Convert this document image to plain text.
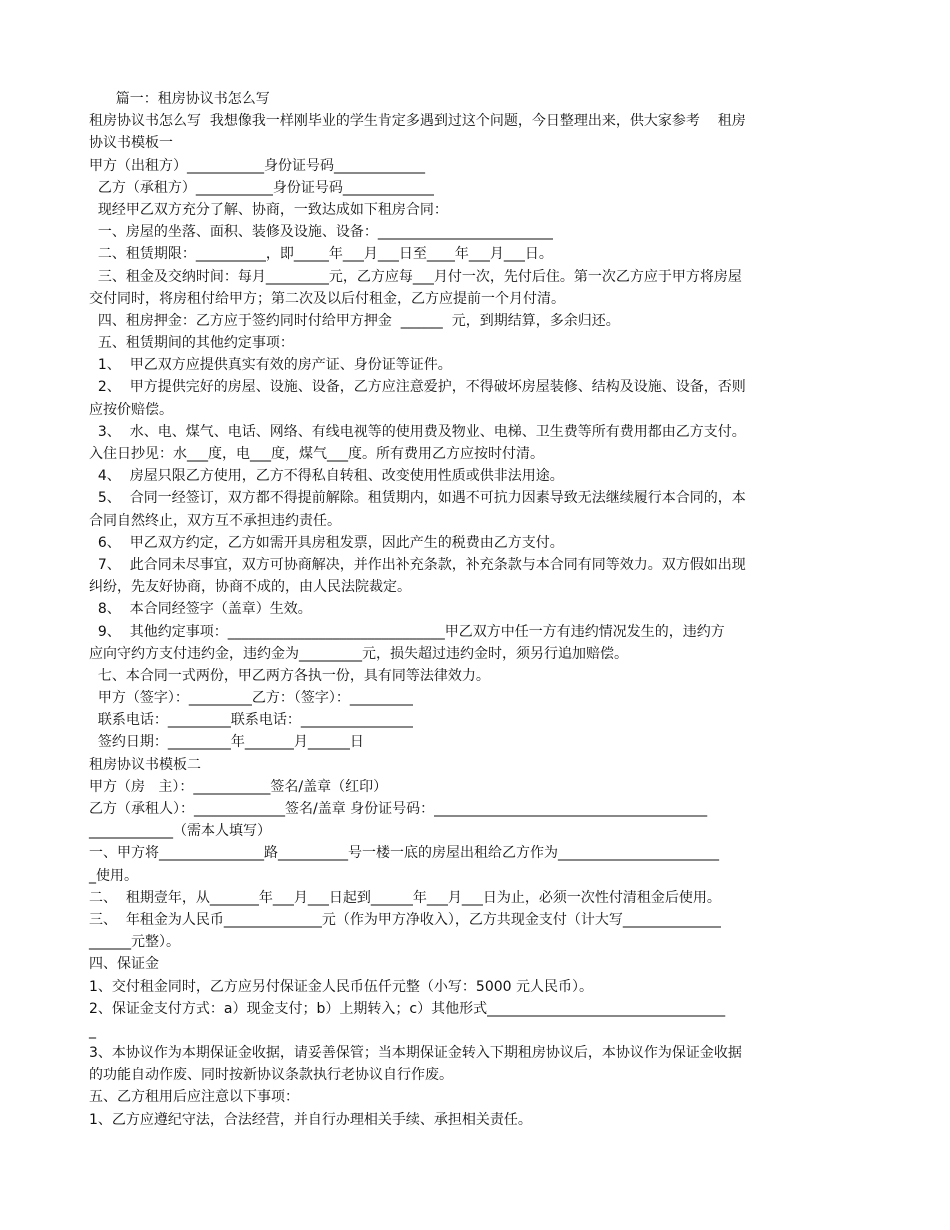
篇一：租房协议书怎么写
租房协议书怎么写  我想像我一样刚毕业的学生肯定多遇到过这个问题，今日整理出来，供大家参考    租房
协议书模板一
甲方（出租方）___________身份证号码_____________
乙方（承租方）___________身份证号码_____________
现经甲乙双方充分了解、协商，一致达成如下租房合同：
一、房屋的坐落、面积、装修及设施、设备：_________________________
二、租赁期限：__________，即_____年___月___日至____年___月___日。
三、租金及交纳时间：每月_________元，乙方应每___月付一次，先付后住。第一次乙方应于甲方将房屋
交付同时，将房租付给甲方；第二次及以后付租金，乙方应提前一个月付清。
四、租房押金：乙方应于签约同时付给甲方押金  ______  元，到期结算，多余归还。
五、租赁期间的其他约定事项：
1、  甲乙双方应提供真实有效的房产证、身份证等证件。
2、  甲方提供完好的房屋、设施、设备，乙方应注意爱护，不得破坏房屋装修、结构及设施、设备，否则
应按价赔偿。
3、  水、电、煤气、电话、网络、有线电视等的使用费及物业、电梯、卫生费等所有费用都由乙方支付。
入住日抄见：水___度，电___度，煤气___度。所有费用乙方应按时付清。
4、  房屋只限乙方使用，乙方不得私自转租、改变使用性质或供非法用途。
5、  合同一经签订，双方都不得提前解除。租赁期内，如遇不可抗力因素导致无法继续履行本合同的，本
合同自然终止，双方互不承担违约责任。
6、  甲乙双方约定，乙方如需开具房租发票，因此产生的税费由乙方支付。
7、  此合同未尽事宜，双方可协商解决，并作出补充条款，补充条款与本合同有同等效力。双方假如出现
纠纷，先友好协商，协商不成的，由人民法院裁定。
8、  本合同经签字（盖章）生效。
9、  其他约定事项：_______________________________甲乙双方中任一方有违约情况发生的，违约方
应向守约方支付违约金，违约金为_________元，损失超过违约金时，须另行追加赔偿。
七、本合同一式两份，甲乙两方各执一份，具有同等法律效力。
甲方（签字）：_________乙方：（签字）：_________
联系电话：_________联系电话：________________
签约日期：_________年_______月______日
租房协议书模板二
甲方（房   主）：___________签名/盖章（红印）
乙方（承租人）：_____________签名/盖章 身份证号码：_______________________________________
____________（需本人填写）
一、甲方将_______________路__________号一楼一底的房屋出租给乙方作为_______________________
_使用。
二、  租期壹年，从_______年___月___日起到______年___月___日为止，必须一次性付清租金后使用。
三、  年租金为人民币______________元（作为甲方净收入），乙方共现金支付（计大写______________
______元整）。
四、保证金
1、交付租金同时，乙方应另付保证金人民币伍仟元整（小写：5000 元人民币）。
2、保证金支付方式：a）现金支付；b）上期转入；c）其他形式__________________________________
_
3、本协议作为本期保证金收据，请妥善保管；当本期保证金转入下期租房协议后，本协议作为保证金收据
的功能自动作废、同时按新协议条款执行老协议自行作废。
五、乙方租用后应注意以下事项：
1、乙方应遵纪守法，合法经营，并自行办理相关手续、承担相关责任。
